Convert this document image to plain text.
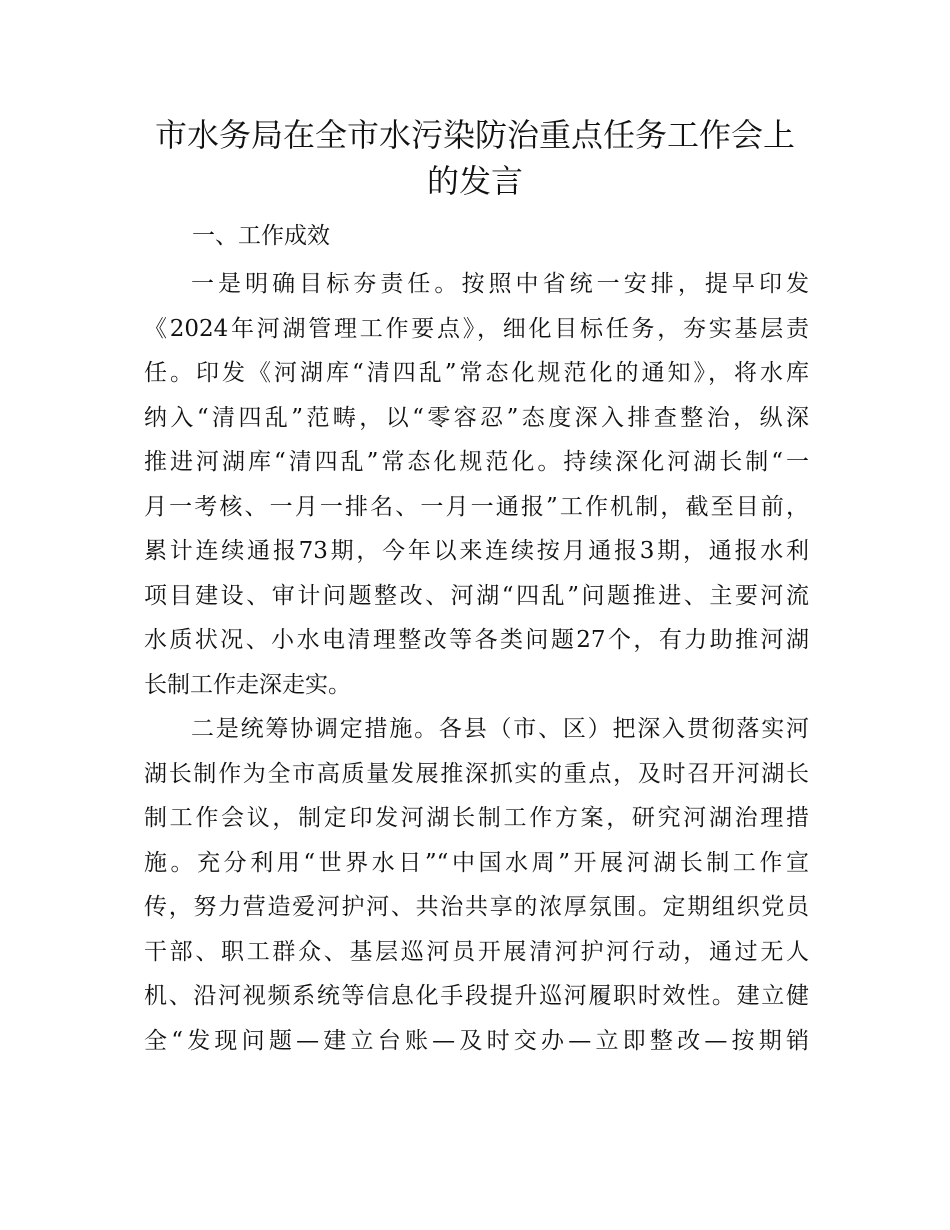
市水务局在全市水污染防治重点任务工作会上
的发言

一、工作成效

一是明确目标夯责任。按照中省统一安排，提早印发
《2024年河湖管理工作要点》，细化目标任务，夯实基层责
任。印发《河湖库“清四乱”常态化规范化的通知》，将水库
纳入“清四乱”范畴，以“零容忍”态度深入排查整治，纵深
推进河湖库“清四乱”常态化规范化。持续深化河湖长制“一
月一考核、一月一排名、一月一通报”工作机制，截至目前，
累计连续通报73期，今年以来连续按月通报3期，通报水利
项目建设、审计问题整改、河湖“四乱”问题推进、主要河流
水质状况、小水电清理整改等各类问题27个，有力助推河湖
长制工作走深走实。
二是统筹协调定措施。各县（市、区）把深入贯彻落实河
湖长制作为全市高质量发展推深抓实的重点，及时召开河湖长
制工作会议，制定印发河湖长制工作方案，研究河湖治理措
施。充分利用“世界水日”“中国水周”开展河湖长制工作宣
传，努力营造爱河护河、共治共享的浓厚氛围。定期组织党员
干部、职工群众、基层巡河员开展清河护河行动，通过无人
机、沿河视频系统等信息化手段提升巡河履职时效性。建立健
全“发现问题—建立台账—及时交办—立即整改—按期销
